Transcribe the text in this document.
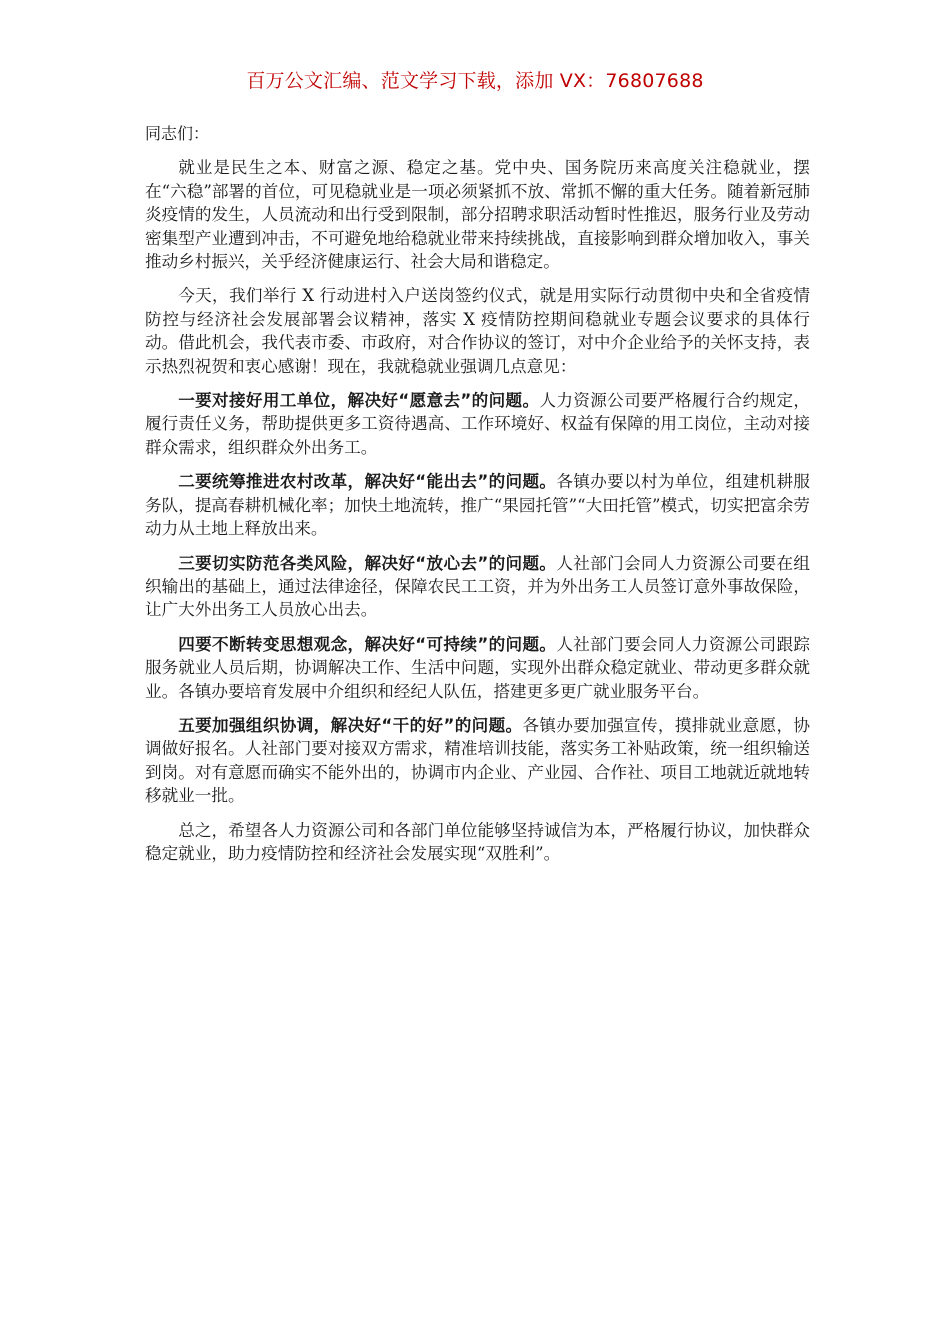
百万公文汇编、范文学习下载，添加 VX：76807688

同志们：

就业是民生之本、财富之源、稳定之基。党中央、国务院历来高度关注稳就业，摆在“六稳”部署的首位，可见稳就业是一项必须紧抓不放、常抓不懈的重大任务。随着新冠肺炎疫情的发生，人员流动和出行受到限制，部分招聘求职活动暂时性推迟，服务行业及劳动密集型产业遭到冲击，不可避免地给稳就业带来持续挑战，直接影响到群众增加收入，事关推动乡村振兴，关乎经济健康运行、社会大局和谐稳定。

今天，我们举行 X 行动进村入户送岗签约仪式，就是用实际行动贯彻中央和全省疫情防控与经济社会发展部署会议精神，落实 X 疫情防控期间稳就业专题会议要求的具体行动。借此机会，我代表市委、市政府，对合作协议的签订，对中介企业给予的关怀支持，表示热烈祝贺和衷心感谢！现在，我就稳就业强调几点意见：

一要对接好用工单位，解决好“愿意去”的问题。人力资源公司要严格履行合约规定，履行责任义务，帮助提供更多工资待遇高、工作环境好、权益有保障的用工岗位，主动对接群众需求，组织群众外出务工。

二要统筹推进农村改革，解决好“能出去”的问题。各镇办要以村为单位，组建机耕服务队，提高春耕机械化率；加快土地流转，推广“果园托管”“大田托管”模式，切实把富余劳动力从土地上释放出来。

三要切实防范各类风险，解决好“放心去”的问题。人社部门会同人力资源公司要在组织输出的基础上，通过法律途径，保障农民工工资，并为外出务工人员签订意外事故保险，让广大外出务工人员放心出去。

四要不断转变思想观念，解决好“可持续”的问题。人社部门要会同人力资源公司跟踪服务就业人员后期，协调解决工作、生活中问题，实现外出群众稳定就业、带动更多群众就业。各镇办要培育发展中介组织和经纪人队伍，搭建更多更广就业服务平台。

五要加强组织协调，解决好“干的好”的问题。各镇办要加强宣传，摸排就业意愿，协调做好报名。人社部门要对接双方需求，精准培训技能，落实务工补贴政策，统一组织输送到岗。对有意愿而确实不能外出的，协调市内企业、产业园、合作社、项目工地就近就地转移就业一批。

总之，希望各人力资源公司和各部门单位能够坚持诚信为本，严格履行协议，加快群众稳定就业，助力疫情防控和经济社会发展实现“双胜利”。
